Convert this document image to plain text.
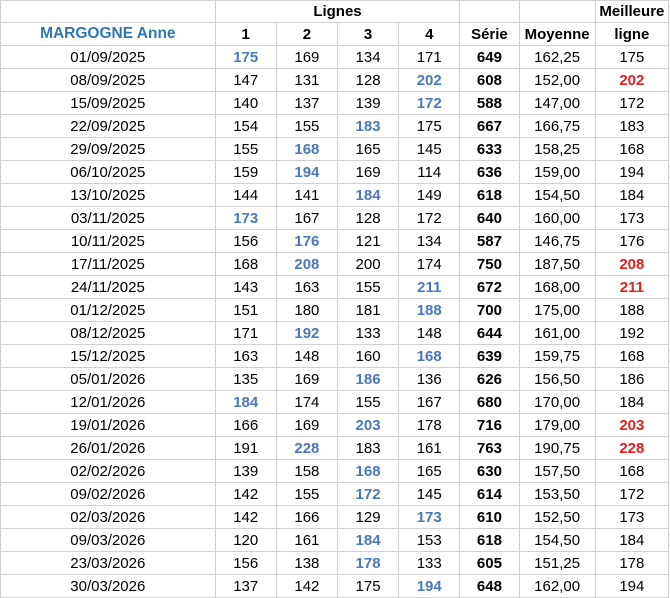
	Lignes						Meilleure
MARGOGNE Anne	1	2	3	4	Série	Moyenne	ligne
01/09/2025	175	169	134	171	649	162,25	175
08/09/2025	147	131	128	202	608	152,00	202
15/09/2025	140	137	139	172	588	147,00	172
22/09/2025	154	155	183	175	667	166,75	183
29/09/2025	155	168	165	145	633	158,25	168
06/10/2025	159	194	169	114	636	159,00	194
13/10/2025	144	141	184	149	618	154,50	184
03/11/2025	173	167	128	172	640	160,00	173
10/11/2025	156	176	121	134	587	146,75	176
17/11/2025	168	208	200	174	750	187,50	208
24/11/2025	143	163	155	211	672	168,00	211
01/12/2025	151	180	181	188	700	175,00	188
08/12/2025	171	192	133	148	644	161,00	192
15/12/2025	163	148	160	168	639	159,75	168
05/01/2026	135	169	186	136	626	156,50	186
12/01/2026	184	174	155	167	680	170,00	184
19/01/2026	166	169	203	178	716	179,00	203
26/01/2026	191	228	183	161	763	190,75	228
02/02/2026	139	158	168	165	630	157,50	168
09/02/2026	142	155	172	145	614	153,50	172
02/03/2026	142	166	129	173	610	152,50	173
09/03/2026	120	161	184	153	618	154,50	184
23/03/2026	156	138	178	133	605	151,25	178
30/03/2026	137	142	175	194	648	162,00	194
